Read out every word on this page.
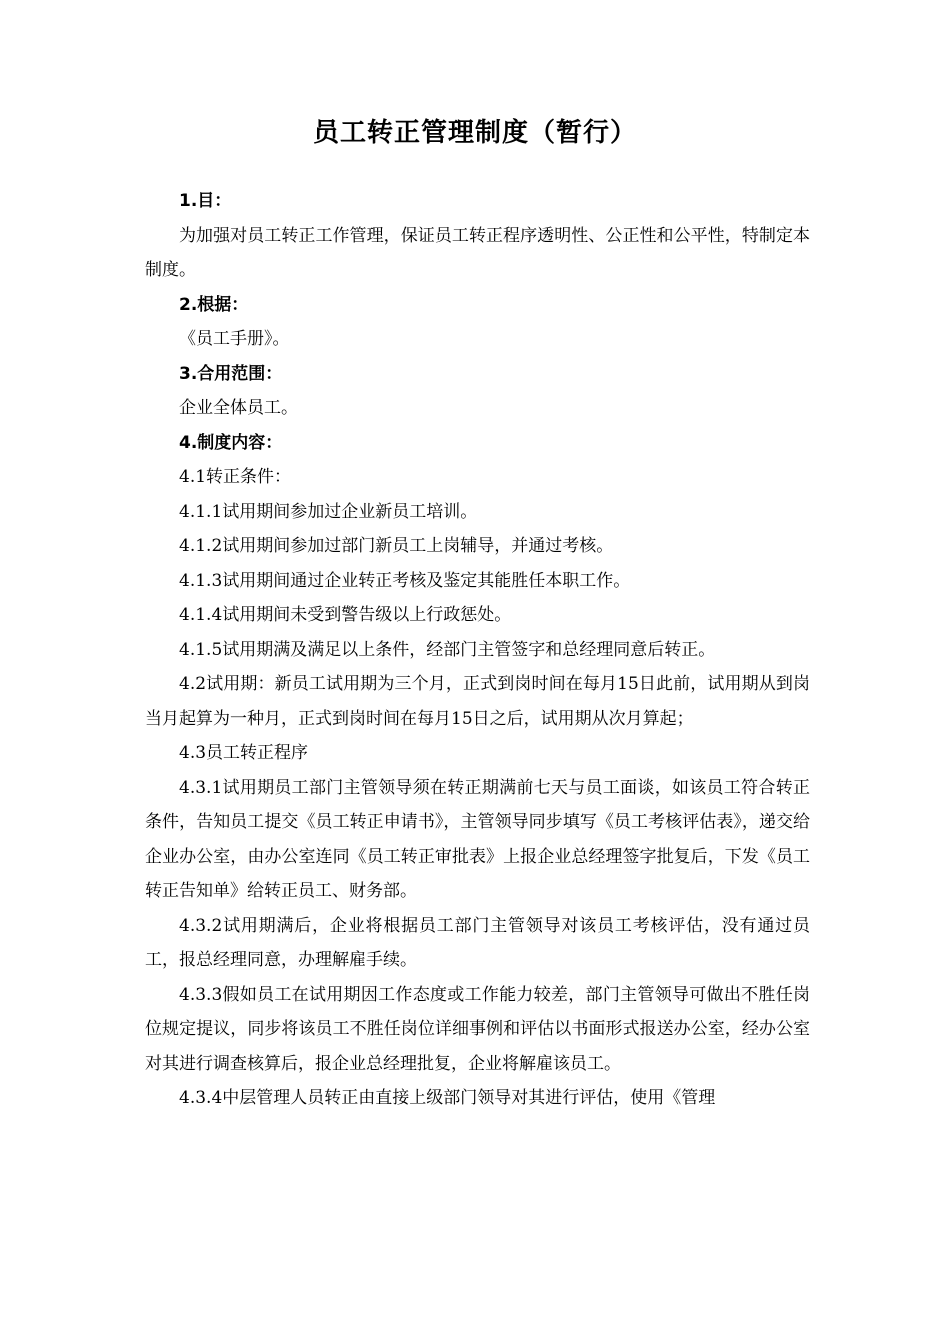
员工转正管理制度（暂行）

1.目：

为加强对员工转正工作管理，保证员工转正程序透明性、公正性和公平性，特制定本制度。

2.根据：

《员工手册》。

3.合用范围：

企业全体员工。

4.制度内容：

4.1转正条件：

4.1.1试用期间参加过企业新员工培训。

4.1.2试用期间参加过部门新员工上岗辅导，并通过考核。

4.1.3试用期间通过企业转正考核及鉴定其能胜任本职工作。

4.1.4试用期间未受到警告级以上行政惩处。

4.1.5试用期满及满足以上条件，经部门主管签字和总经理同意后转正。

4.2试用期：新员工试用期为三个月，正式到岗时间在每月15日此前，试用期从到岗当月起算为一种月，正式到岗时间在每月15日之后，试用期从次月算起；

4.3员工转正程序

4.3.1试用期员工部门主管领导须在转正期满前七天与员工面谈，如该员工符合转正条件，告知员工提交《员工转正申请书》，主管领导同步填写《员工考核评估表》，递交给企业办公室，由办公室连同《员工转正审批表》上报企业总经理签字批复后，下发《员工转正告知单》给转正员工、财务部。

4.3.2试用期满后，企业将根据员工部门主管领导对该员工考核评估，没有通过员工，报总经理同意，办理解雇手续。

4.3.3假如员工在试用期因工作态度或工作能力较差，部门主管领导可做出不胜任岗位规定提议，同步将该员工不胜任岗位详细事例和评估以书面形式报送办公室，经办公室对其进行调查核算后，报企业总经理批复，企业将解雇该员工。

4.3.4中层管理人员转正由直接上级部门领导对其进行评估，使用《管理
